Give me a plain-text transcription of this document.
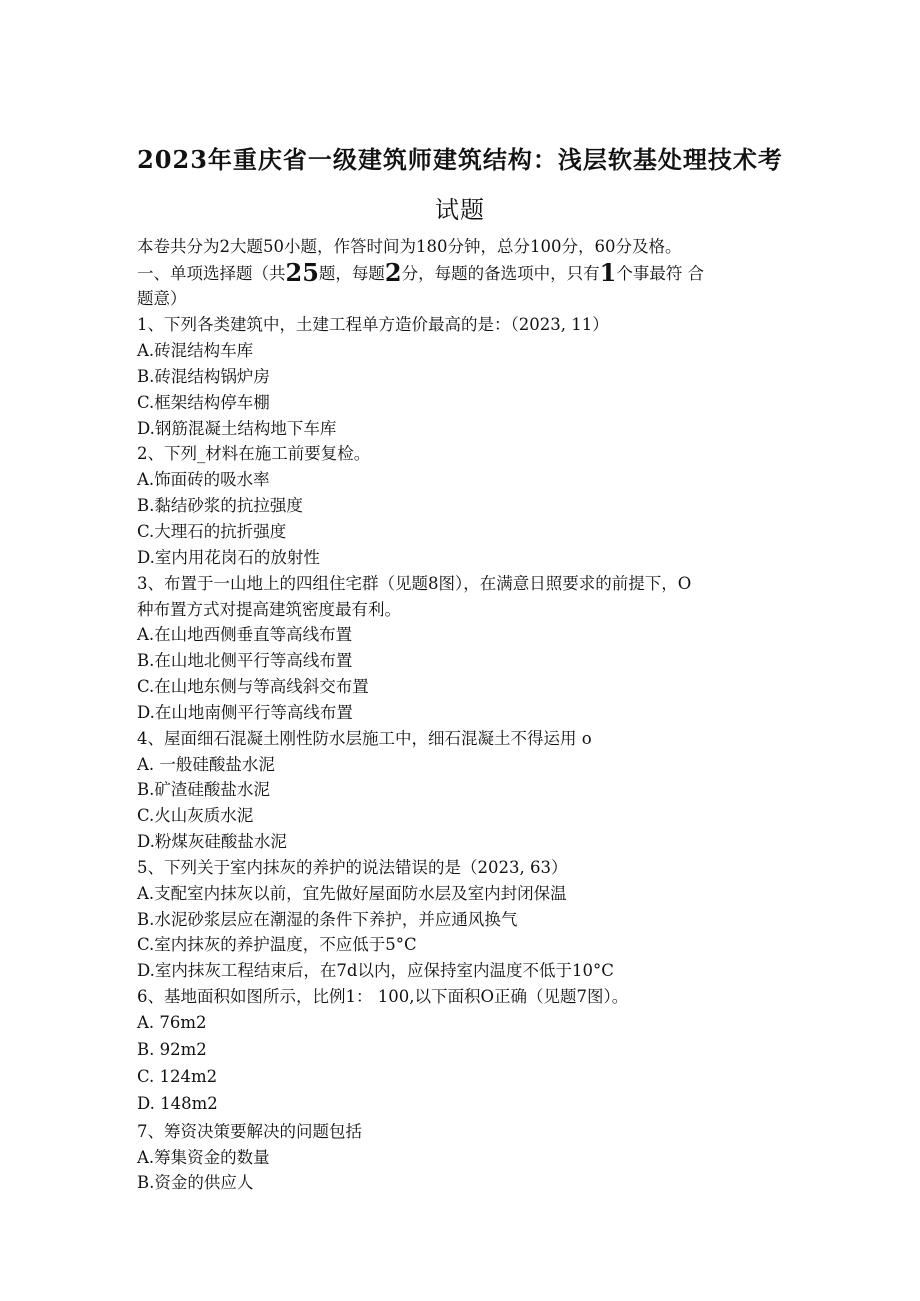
2023年重庆省一级建筑师建筑结构：浅层软基处理技术考
试题
本卷共分为2大题50小题，作答时间为180分钟，总分100分，60分及格。
一、单项选择题（共25题，每题2分，每题的备选项中，只有1个事最符 合
题意）
1、下列各类建筑中，土建工程单方造价最高的是：（2023, 11）
A.砖混结构车库
B.砖混结构锅炉房
C.框架结构停车棚
D.钢筋混凝土结构地下车库
2、下列_材料在施工前要复检。
A.饰面砖的吸水率
B.黏结砂浆的抗拉强度
C.大理石的抗折强度
D.室内用花岗石的放射性
3、布置于一山地上的四组住宅群（见题8图），在满意日照要求的前提下，O
种布置方式对提高建筑密度最有利。
A.在山地西侧垂直等高线布置
B.在山地北侧平行等高线布置
C.在山地东侧与等高线斜交布置
D.在山地南侧平行等高线布置
4、屋面细石混凝土刚性防水层施工中，细石混凝土不得运用 o
A. 一般硅酸盐水泥
B.矿渣硅酸盐水泥
C.火山灰质水泥
D.粉煤灰硅酸盐水泥
5、下列关于室内抹灰的养护的说法错误的是（2023, 63）
A.支配室内抹灰以前，宜先做好屋面防水层及室内封闭保温
B.水泥砂浆层应在潮湿的条件下养护，并应通风换气
C.室内抹灰的养护温度，不应低于5°C
D.室内抹灰工程结束后，在7d以内，应保持室内温度不低于10°C
6、基地面积如图所示，比例1： 100,以下面积O正确（见题7图）。
A. 76m2
B. 92m2
C. 124m2
D. 148m2
7、筹资决策要解决的问题包括
A.筹集资金的数量
B.资金的供应人
